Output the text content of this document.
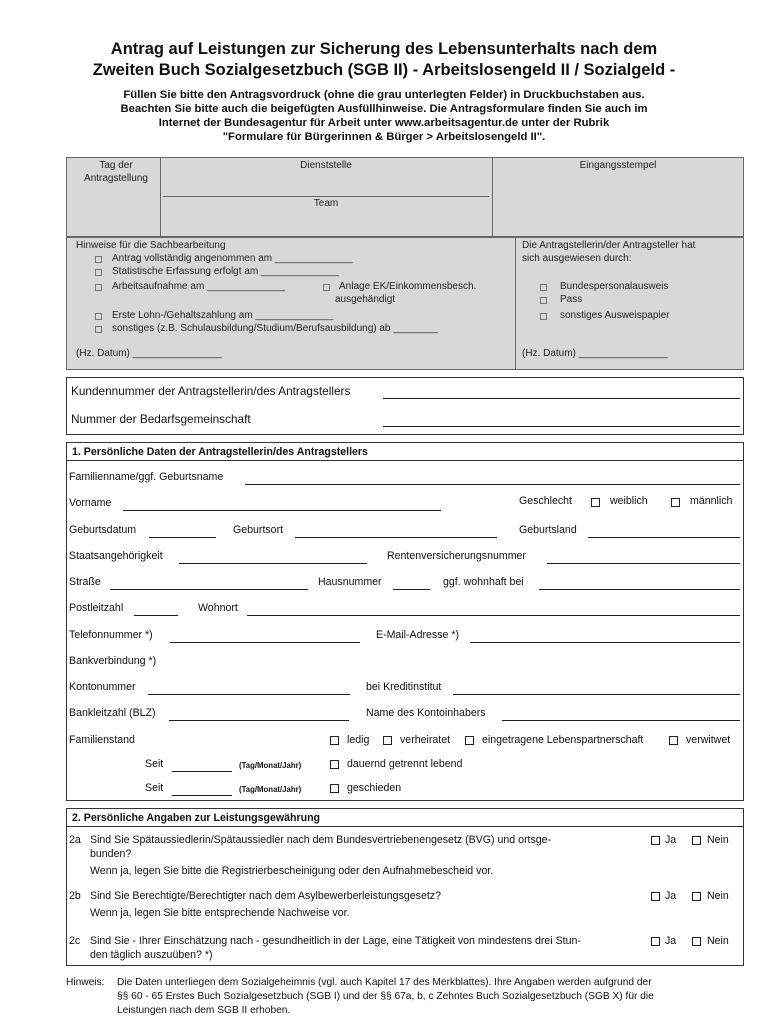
Antrag auf Leistungen zur Sicherung des Lebensunterhalts nach dem
Zweiten Buch Sozialgesetzbuch (SGB II) - Arbeitslosengeld II / Sozialgeld -
Füllen Sie bitte den Antragsvordruck (ohne die grau unterlegten Felder) in Druckbuchstaben aus.
Beachten Sie bitte auch die beigefügten Ausfüllhinweise. Die Antragsformulare finden Sie auch im
Internet der Bundesagentur für Arbeit unter www.arbeitsagentur.de unter der Rubrik
"Formulare für Bürgerinnen & Bürger > Arbeitslosengeld II".
Tag der
Antragstellung
Dienststelle
Team
Eingangsstempel
Hinweise für die Sachbearbeitung
Antrag vollständig angenommen am ______________
Statistische Erfassung erfolgt am ______________
Arbeitsaufnahme am ______________	Anlage EK/Einkommensbesch.
ausgehändigt
Erste Lohn-/Gehaltszahlung am ______________
sonstiges (z.B. Schulausbildung/Studium/Berufsausbildung) ab ________
(Hz. Datum) ________________
Die Antragstellerin/der Antragsteller hat
sich ausgewiesen durch:
Bundespersonalausweis
Pass
sonstiges Ausweispapier
(Hz. Datum) ________________
Kundennummer der Antragstellerin/des Antragstellers
Nummer der Bedarfsgemeinschaft
1. Persönliche Daten der Antragstellerin/des Antragstellers
Familienname/ggf. Geburtsname
Vorname	Geschlecht	weiblich	männlich
Geburtsdatum	Geburtsort	Geburtsland
Staatsangehörigkeit	Rentenversicherungsnummer
Straße	Hausnummer	ggf. wohnhaft bei
Postleitzahl	Wohnort
Telefonnummer *)	E-Mail-Adresse *)
Bankverbindung *)
Kontonummer	bei Kreditinstitut
Bankleitzahl (BLZ)	Name des Kontoinhabers
Familienstand	ledig	verheiratet	eingetragene Lebenspartnerschaft	verwitwet
Seit	(Tag/Monat/Jahr)	dauernd getrennt lebend
Seit	(Tag/Monat/Jahr)	geschieden
2. Persönliche Angaben zur Leistungsgewährung
2a Sind Sie Spätaussiedlerin/Spätaussiedler nach dem Bundesvertriebenengesetz (BVG) und ortsge-
bunden?
Wenn ja, legen Sie bitte die Registrierbescheinigung oder den Aufnahmebescheid vor.
Ja	Nein
2b Sind Sie Berechtigte/Berechtigter nach dem Asylbewerberleistungsgesetz?
Wenn ja, legen Sie bitte entsprechende Nachweise vor.
Ja	Nein
2c Sind Sie - Ihrer Einschätzung nach - gesundheitlich in der Lage, eine Tätigkeit von mindestens drei Stun-
den täglich auszuüben? *)
Ja	Nein
Hinweis: Die Daten unterliegen dem Sozialgeheimnis (vgl. auch Kapitel 17 des Merkblattes). Ihre Angaben werden aufgrund der
§§ 60 - 65 Erstes Buch Sozialgesetzbuch (SGB I) und der §§ 67a, b, c Zehntes Buch Sozialgesetzbuch (SGB X) für die
Leistungen nach dem SGB II erhoben.
